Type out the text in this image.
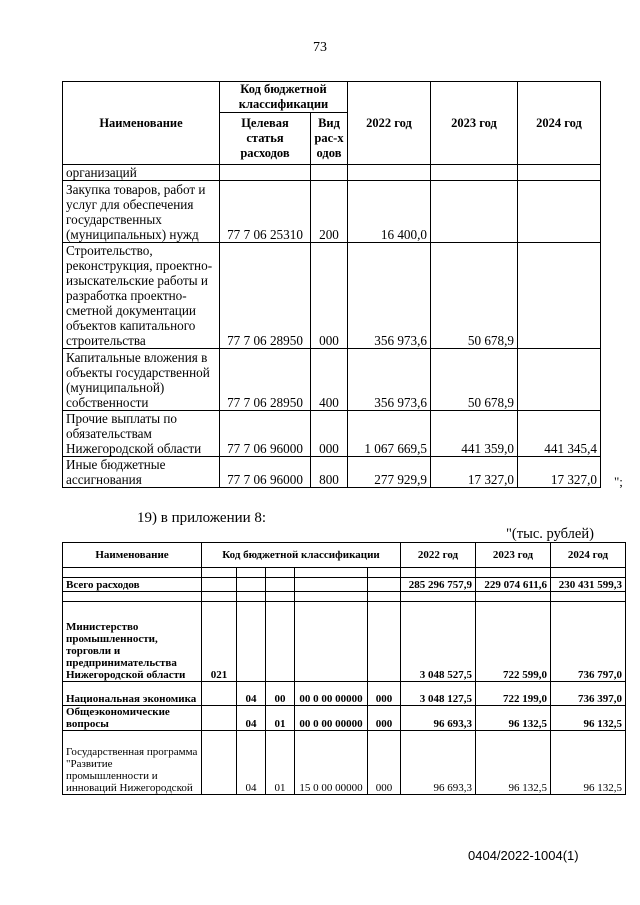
73
Наименование	Код бюджетной классификации		2022 год	2023 год	2024 год
	Целевая статья расходов	Вид рас-ходов			
организаций					
Закупка товаров, работ и услуг для обеспечения государственных (муниципальных) нужд	77 7 06 25310	200	16 400,0		
Строительство, реконструкция, проектно-изыскательские работы и разработка проектно-сметной документации объектов капитального строительства	77 7 06 28950	000	356 973,6	50 678,9	
Капитальные вложения в объекты государственной (муниципальной) собственности	77 7 06 28950	400	356 973,6	50 678,9	
Прочие выплаты по обязательствам Нижегородской области	77 7 06 96000	000	1 067 669,5	441 359,0	441 345,4
Иные бюджетные ассигнования	77 7 06 96000	800	277 929,9	17 327,0	17 327,0 ";
19) в приложении 8:
"(тыс. рублей)
Наименование	Код бюджетной классификации					2022 год	2023 год	2024 год

Всего расходов						285 296 757,9	229 074 611,6	230 431 599,3

Министерство промышленности, торговли и предпринимательства Нижегородской области	021					3 048 527,5	722 599,0	736 797,0
Национальная экономика		04	00	00 0 00 00000	000	3 048 127,5	722 199,0	736 397,0
Общеэкономические вопросы		04	01	00 0 00 00000	000	96 693,3	96 132,5	96 132,5
Государственная программа "Развитие промышленности и инноваций Нижегородской		04	01	15 0 00 00000	000	96 693,3	96 132,5	96 132,5
0404/2022-1004(1)
